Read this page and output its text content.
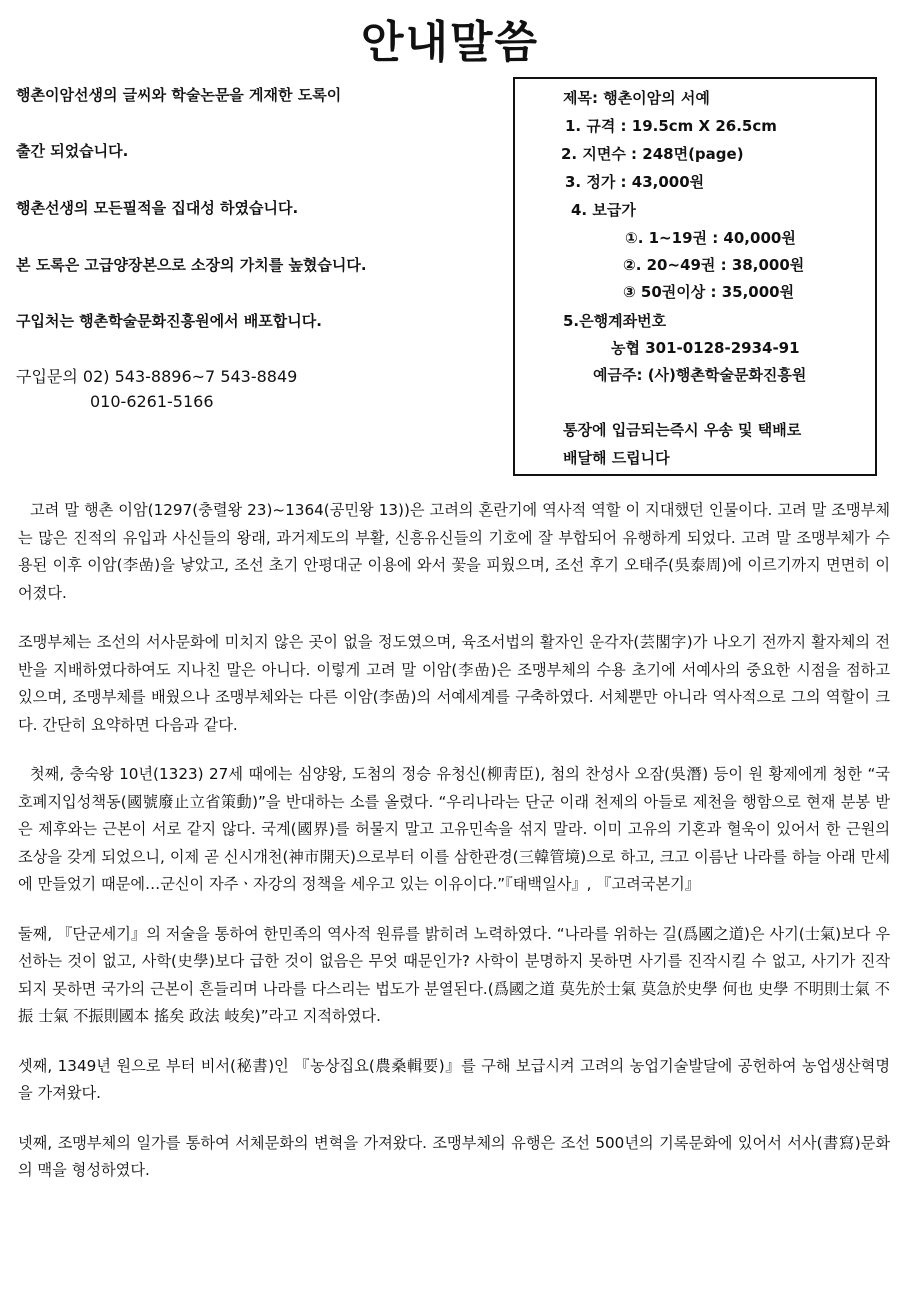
안내말씀

행촌이암선생의 글씨와 학술논문을 게재한 도록이

출간 되었습니다.

행촌선생의 모든필적을 집대성 하였습니다.

본 도록은 고급양장본으로 소장의 가치를 높혔습니다.

구입처는 행촌학술문화진흥원에서 배포합니다.

구입문의 02) 543-8896~7 543-8849
010-6261-5166
제목: 행촌이암의 서예
1. 규격 : 19.5cm X 26.5cm
2. 지면수 : 248면(page)
3. 정가 : 43,000원
4. 보급가
①. 1~19권 : 40,000원
②. 20~49권 : 38,000원
③ 50권이상 : 35,000원
5.은행계좌번호
농협 301-0128-2934-91
예금주: (사)행촌학술문화진흥원
통장에 입금되는즉시 우송 및 택배로
배달해 드립니다

고려 말 행촌 이암(1297(충렬왕 23)~1364(공민왕 13))은 고려의 혼란기에 역사적 역할 이 지대했던 인물이다. 고려 말 조맹부체는 많은 진적의 유입과 사신들의 왕래, 과거제도의 부활, 신흥유신들의 기호에 잘 부합되어 유행하게 되었다. 고려 말 조맹부체가 수용된 이후 이암(李嵒)을 낳았고, 조선 초기 안평대군 이용에 와서 꽃을 피웠으며, 조선 후기 오태주(吳泰周)에 이르기까지 면면히 이어졌다.

조맹부체는 조선의 서사문화에 미치지 않은 곳이 없을 정도였으며, 육조서법의 활자인 운각자(芸閣字)가 나오기 전까지 활자체의 전반을 지배하였다하여도 지나친 말은 아니다. 이렇게 고려 말 이암(李嵒)은 조맹부체의 수용 초기에 서예사의 중요한 시점을 점하고 있으며, 조맹부체를 배웠으나 조맹부체와는 다른 이암(李嵒)의 서예세계를 구축하였다. 서체뿐만 아니라 역사적으로 그의 역할이 크다. 간단히 요약하면 다음과 같다.

첫째, 충숙왕 10년(1323) 27세 때에는 심양왕, 도첨의 정승 유청신(柳靑臣), 첨의 찬성사 오잠(吳潛) 등이 원 황제에게 청한 “국호폐지입성책동(國號廢止立省策動)”을 반대하는 소를 올렸다. “우리나라는 단군 이래 천제의 아들로 제천을 행함으로 현재 분봉 받은 제후와는 근본이 서로 같지 않다. 국계(國界)를 허물지 말고 고유민속을 섞지 말라. 이미 고유의 기혼과 혈욱이 있어서 한 근원의 조상을 갖게 되었으니, 이제 곧 신시개천(神市開天)으로부터 이를 삼한관경(三韓管境)으로 하고, 크고 이름난 나라를 하늘 아래 만세에 만들었기 때문에…군신이 자주ㆍ자강의 정책을 세우고 있는 이유이다.”『태백일사』, 『고려국본기』

둘째, 『단군세기』의 저술을 통하여 한민족의 역사적 원류를 밝히려 노력하였다. “나라를 위하는 길(爲國之道)은 사기(士氣)보다 우선하는 것이 없고, 사학(史學)보다 급한 것이 없음은 무엇 때문인가? 사학이 분명하지 못하면 사기를 진작시킬 수 없고, 사기가 진작되지 못하면 국가의 근본이 흔들리며 나라를 다스리는 법도가 분열된다.(爲國之道 莫先於士氣 莫急於史學 何也 史學 不明則士氣 不振 士氣 不振則國本 搖矣 政法 岐矣)”라고 지적하였다.

셋째, 1349년 원으로 부터 비서(秘書)인 『농상집요(農桑輯要)』를 구해 보급시켜 고려의 농업기술발달에 공헌하여 농업생산혁명을 가져왔다.

넷째, 조맹부체의 일가를 통하여 서체문화의 변혁을 가져왔다. 조맹부체의 유행은 조선 500년의 기록문화에 있어서 서사(書寫)문화의 맥을 형성하였다.
